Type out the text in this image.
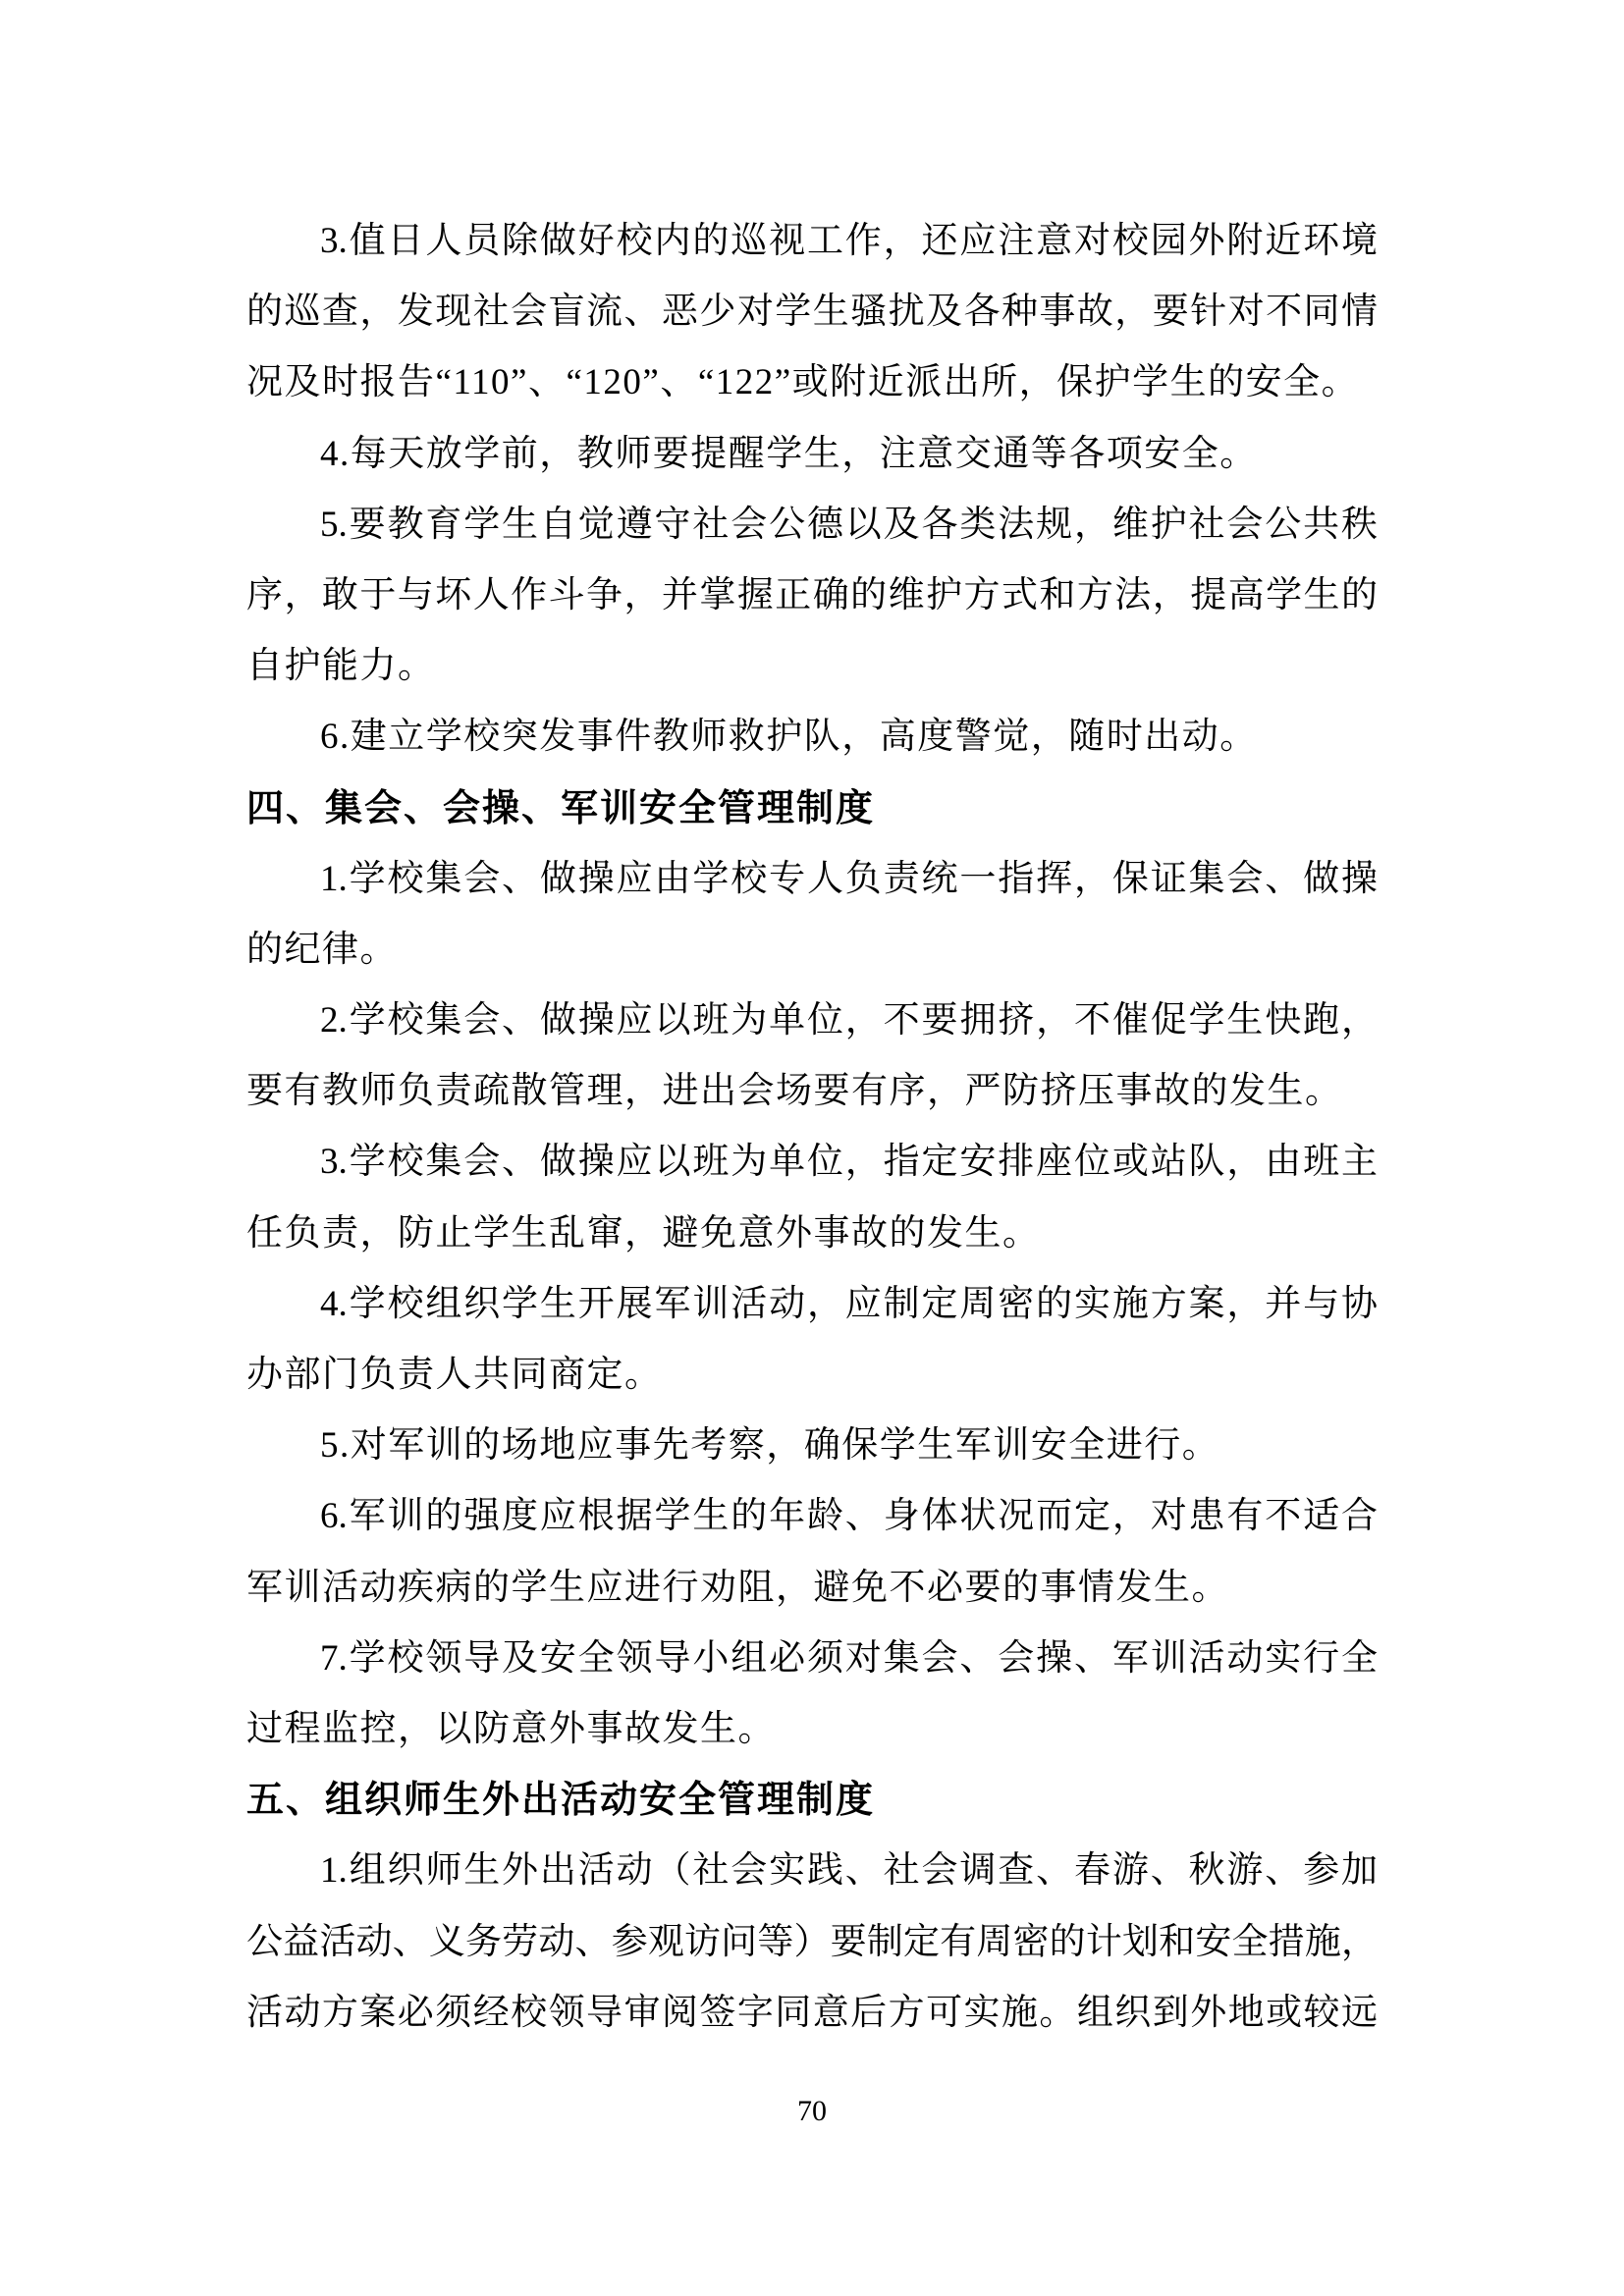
3.值日人员除做好校内的巡视工作，还应注意对校园外附近环境
的巡查，发现社会盲流、恶少对学生骚扰及各种事故，要针对不同情
况及时报告“110”、“120”、“122”或附近派出所，保护学生的安全。
4.每天放学前，教师要提醒学生，注意交通等各项安全。
5.要教育学生自觉遵守社会公德以及各类法规，维护社会公共秩
序，敢于与坏人作斗争，并掌握正确的维护方式和方法，提高学生的
自护能力。
6.建立学校突发事件教师救护队，高度警觉，随时出动。
四、集会、会操、军训安全管理制度
1.学校集会、做操应由学校专人负责统一指挥，保证集会、做操
的纪律。
2.学校集会、做操应以班为单位，不要拥挤，不催促学生快跑，
要有教师负责疏散管理，进出会场要有序，严防挤压事故的发生。
3.学校集会、做操应以班为单位，指定安排座位或站队，由班主
任负责，防止学生乱窜，避免意外事故的发生。
4.学校组织学生开展军训活动，应制定周密的实施方案，并与协
办部门负责人共同商定。
5.对军训的场地应事先考察，确保学生军训安全进行。
6.军训的强度应根据学生的年龄、身体状况而定，对患有不适合
军训活动疾病的学生应进行劝阻，避免不必要的事情发生。
7.学校领导及安全领导小组必须对集会、会操、军训活动实行全
过程监控，以防意外事故发生。
五、组织师生外出活动安全管理制度
1.组织师生外出活动（社会实践、社会调查、春游、秋游、参加
公益活动、义务劳动、参观访问等）要制定有周密的计划和安全措施，
活动方案必须经校领导审阅签字同意后方可实施。组织到外地或较远
70
